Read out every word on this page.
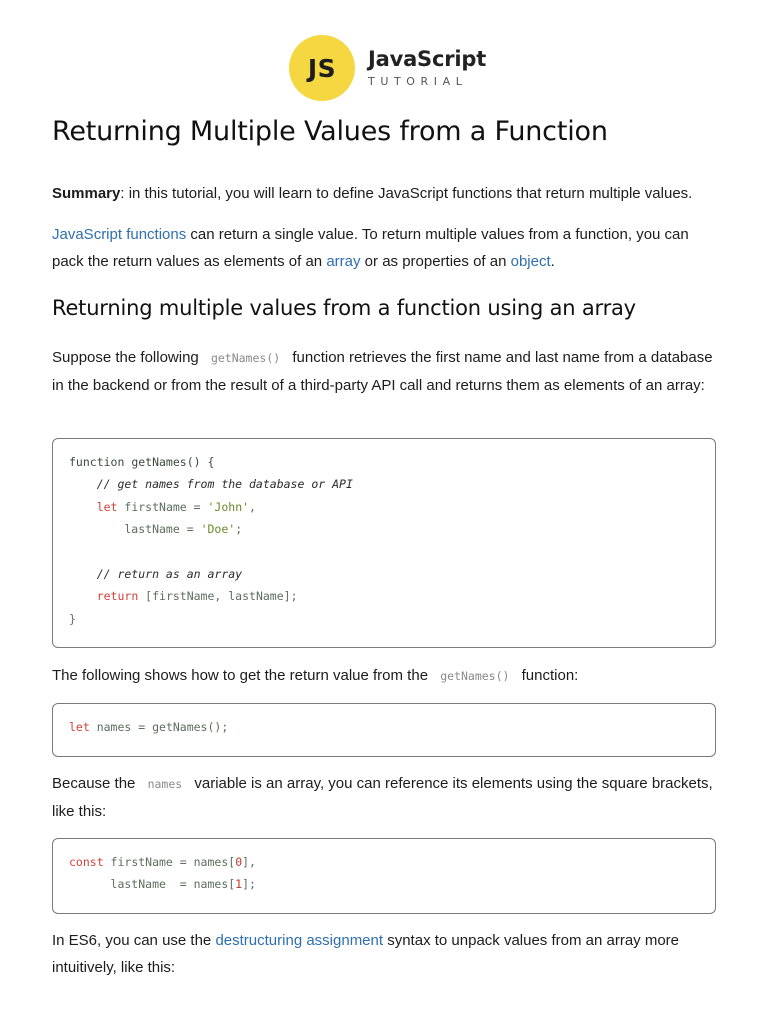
JS	JavaScript
TUTORIAL
Returning Multiple Values from a Function

Summary: in this tutorial, you will learn to define JavaScript functions that return multiple values.

JavaScript functions can return a single value. To return multiple values from a function, you can pack the return values as elements of an array or as properties of an object.

Returning multiple values from a function using an array

Suppose the following getNames() function retrieves the first name and last name from a database in the backend or from the result of a third-party API call and returns them as elements of an array:

function getNames() {
// get names from the database or API
let firstName = 'John',
lastName = 'Doe';
// return as an array
return [firstName, lastName];
}

The following shows how to get the return value from the getNames() function:

let names = getNames();

Because the names variable is an array, you can reference its elements using the square brackets, like this:

const firstName = names[0],
lastName  = names[1];

In ES6, you can use the destructuring assignment syntax to unpack values from an array more intuitively, like this:
